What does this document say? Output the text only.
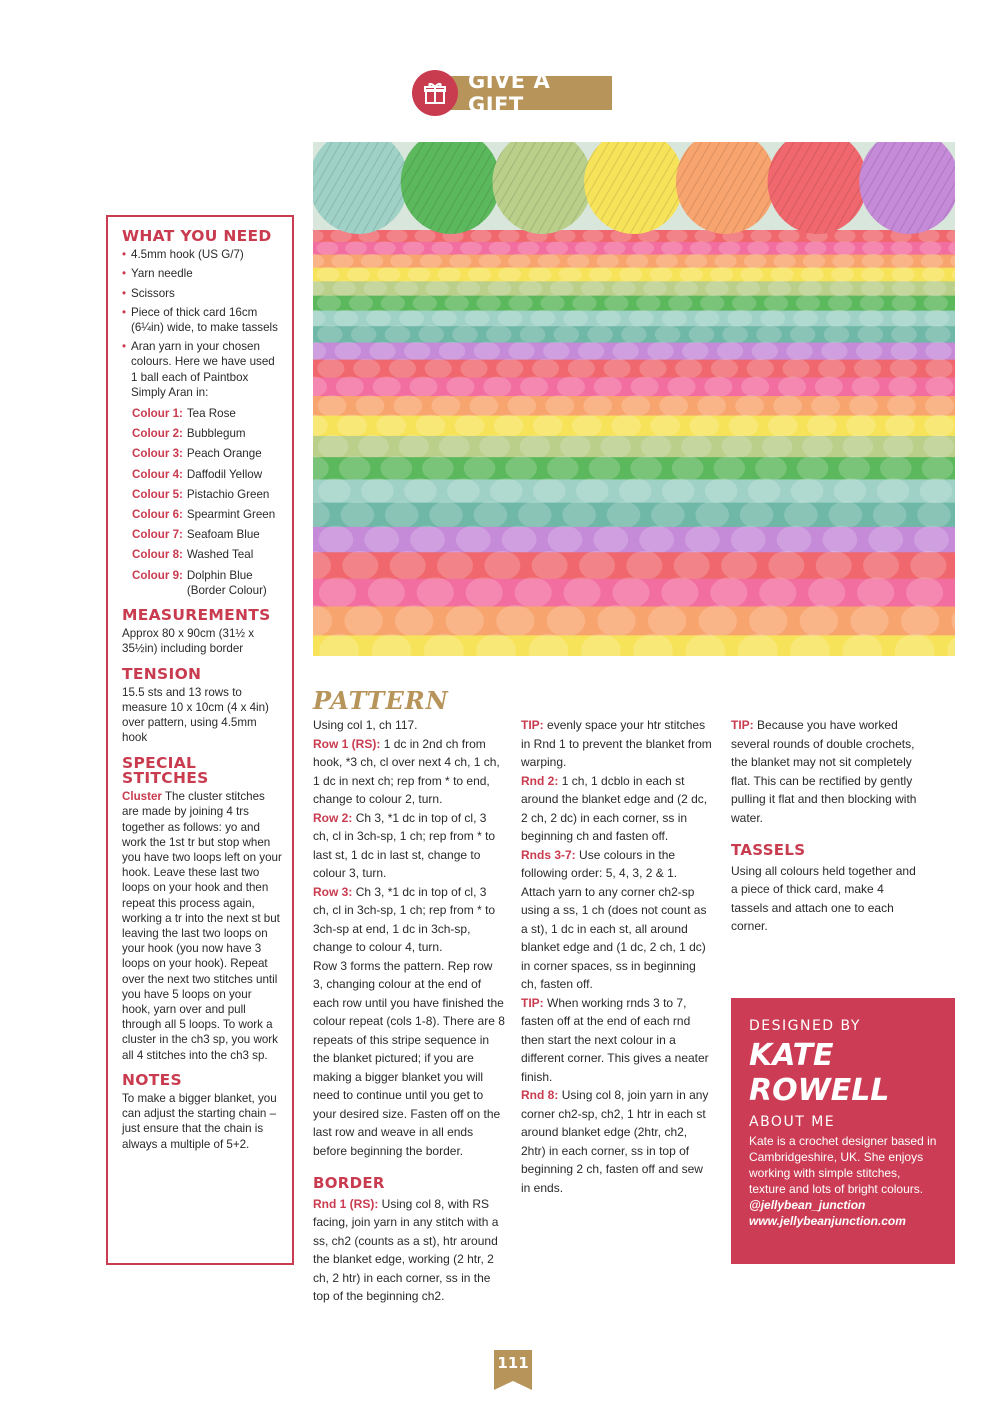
GIVE A GIFT
WHAT YOU NEED
• 4.5mm hook (US G/7)
• Yarn needle
• Scissors
• Piece of thick card 16cm (6¼in) wide, to make tassels
• Aran yarn in your chosen colours. Here we have used 1 ball each of Paintbox Simply Aran in:
Colour 1: Tea Rose
Colour 2: Bubblegum
Colour 3: Peach Orange
Colour 4: Daffodil Yellow
Colour 5: Pistachio Green
Colour 6: Spearmint Green
Colour 7: Seafoam Blue
Colour 8: Washed Teal
Colour 9: Dolphin Blue (Border Colour)
MEASUREMENTS
Approx 80 x 90cm (31½ x 35½in) including border
TENSION
15.5 sts and 13 rows to measure 10 x 10cm (4 x 4in) over pattern, using 4.5mm hook
SPECIAL STITCHES
Cluster The cluster stitches are made by joining 4 trs together as follows: yo and work the 1st tr but stop when you have two loops left on your hook. Leave these last two loops on your hook and then repeat this process again, working a tr into the next st but leaving the last two loops on your hook (you now have 3 loops on your hook). Repeat over the next two stitches until you have 5 loops on your hook, yarn over and pull through all 5 loops. To work a cluster in the ch3 sp, you work all 4 stitches into the ch3 sp.
NOTES
To make a bigger blanket, you can adjust the starting chain – just ensure that the chain is always a multiple of 5+2.
PATTERN
Using col 1, ch 117.
Row 1 (RS): 1 dc in 2nd ch from hook, *3 ch, cl over next 4 ch, 1 ch, 1 dc in next ch; rep from * to end, change to colour 2, turn.
Row 2: Ch 3, *1 dc in top of cl, 3 ch, cl in 3ch-sp, 1 ch; rep from * to last st, 1 dc in last st, change to colour 3, turn.
Row 3: Ch 3, *1 dc in top of cl, 3 ch, cl in 3ch-sp, 1 ch; rep from * to 3ch-sp at end, 1 dc in 3ch-sp, change to colour 4, turn.
Row 3 forms the pattern. Rep row 3, changing colour at the end of each row until you have finished the colour repeat (cols 1-8). There are 8 repeats of this stripe sequence in the blanket pictured; if you are making a bigger blanket you will need to continue until you get to your desired size. Fasten off on the last row and weave in all ends before beginning the border.
BORDER
Rnd 1 (RS): Using col 8, with RS facing, join yarn in any stitch with a ss, ch2 (counts as a st), htr around the blanket edge, working (2 htr, 2 ch, 2 htr) in each corner, ss in the top of the beginning ch2.
TIP: evenly space your htr stitches in Rnd 1 to prevent the blanket from warping.
Rnd 2: 1 ch, 1 dcblo in each st around the blanket edge and (2 dc, 2 ch, 2 dc) in each corner, ss in beginning ch and fasten off.
Rnds 3-7: Use colours in the following order: 5, 4, 3, 2 & 1. Attach yarn to any corner ch2-sp using a ss, 1 ch (does not count as a st), 1 dc in each st, all around blanket edge and (1 dc, 2 ch, 1 dc) in corner spaces, ss in beginning ch, fasten off.
TIP: When working rnds 3 to 7, fasten off at the end of each rnd then start the next colour in a different corner. This gives a neater finish.
Rnd 8: Using col 8, join yarn in any corner ch2-sp, ch2, 1 htr in each st around blanket edge (2htr, ch2, 2htr) in each corner, ss in top of beginning 2 ch, fasten off and sew in ends.
TIP: Because you have worked several rounds of double crochets, the blanket may not sit completely flat. This can be rectified by gently pulling it flat and then blocking with water.
TASSELS
Using all colours held together and a piece of thick card, make 4 tassels and attach one to each corner.
DESIGNED BY
KATE
ROWELL
ABOUT ME
Kate is a crochet designer based in Cambridgeshire, UK. She enjoys working with simple stitches, texture and lots of bright colours.
@jellybean_junction
www.jellybeanjunction.com
111
